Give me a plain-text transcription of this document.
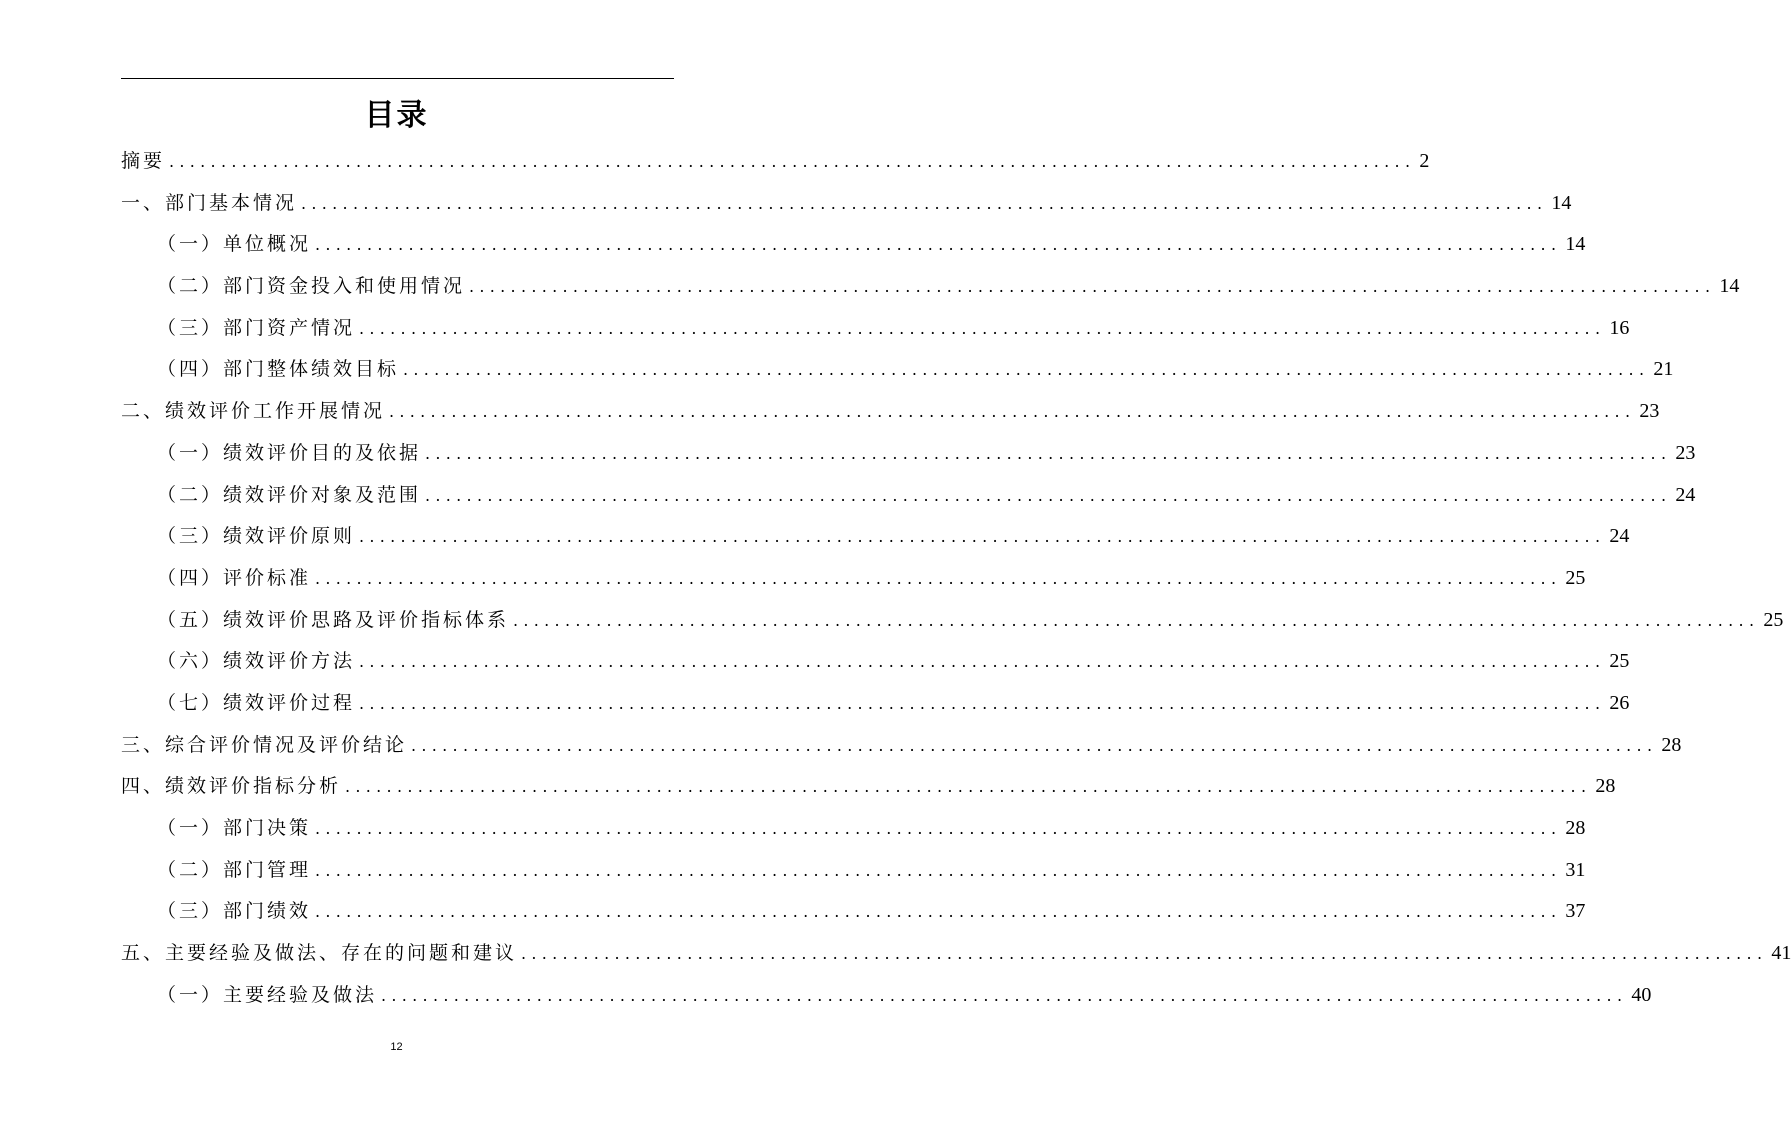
目录
摘要 ........................................................................................................................ 2
一、部门基本情况 ........................................................................................................................ 14
（一）单位概况 ........................................................................................................................ 14
（二）部门资金投入和使用情况 ........................................................................................................................ 14
（三）部门资产情况 ........................................................................................................................ 16
（四）部门整体绩效目标 ........................................................................................................................ 21
二、绩效评价工作开展情况 ........................................................................................................................ 23
（一）绩效评价目的及依据 ........................................................................................................................ 23
（二）绩效评价对象及范围 ........................................................................................................................ 24
（三）绩效评价原则 ........................................................................................................................ 24
（四）评价标准 ........................................................................................................................ 25
（五）绩效评价思路及评价指标体系 ........................................................................................................................ 25
（六）绩效评价方法 ........................................................................................................................ 25
（七）绩效评价过程 ........................................................................................................................ 26
三、综合评价情况及评价结论 ........................................................................................................................ 28
四、绩效评价指标分析 ........................................................................................................................ 28
（一）部门决策 ........................................................................................................................ 28
（二）部门管理 ........................................................................................................................ 31
（三）部门绩效 ........................................................................................................................ 37
五、主要经验及做法、存在的问题和建议 ........................................................................................................................ 41
（一）主要经验及做法 ........................................................................................................................ 40
12
